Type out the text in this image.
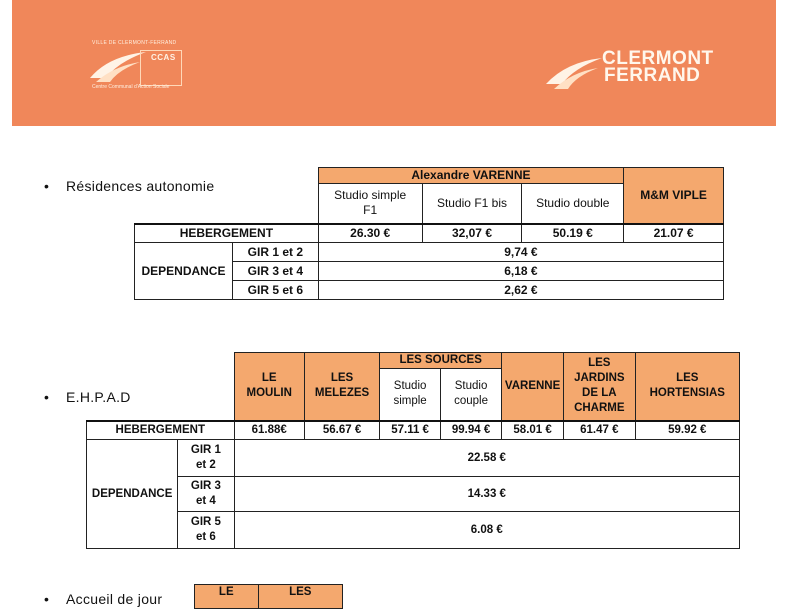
VILLE DE CLERMONT-FERRAND
CCAS
Centre Communal d'Action Sociale
CLERMONT
FERRAND
• Résidences autonomie
		Alexandre VARENNE			M&M VIPLE
		Studio simple F1	Studio F1 bis	Studio double	
HEBERGEMENT		26.30 €	32,07 €	50.19 €	21.07 €
DEPENDANCE	GIR 1 et 2	9,74 €			
	GIR 3 et 4	6,18 €			
	GIR 5 et 6	2,62 €			
• E.H.P.A.D
		LE MOULIN	LES MELEZES	LES SOURCES		VARENNE	LES JARDINS DE LA CHARME	LES HORTENSIAS
				Studio simple	Studio couple			
HEBERGEMENT		61.88€	56.67 €	57.11 €	99.94 €	58.01 €	61.47 €	59.92 €
DEPENDANCE	GIR 1 et 2	22.58 €						
	GIR 3 et 4	14.33 €						
	GIR 5 et 6	6.08 €						
• Accueil de jour	LE	LES
